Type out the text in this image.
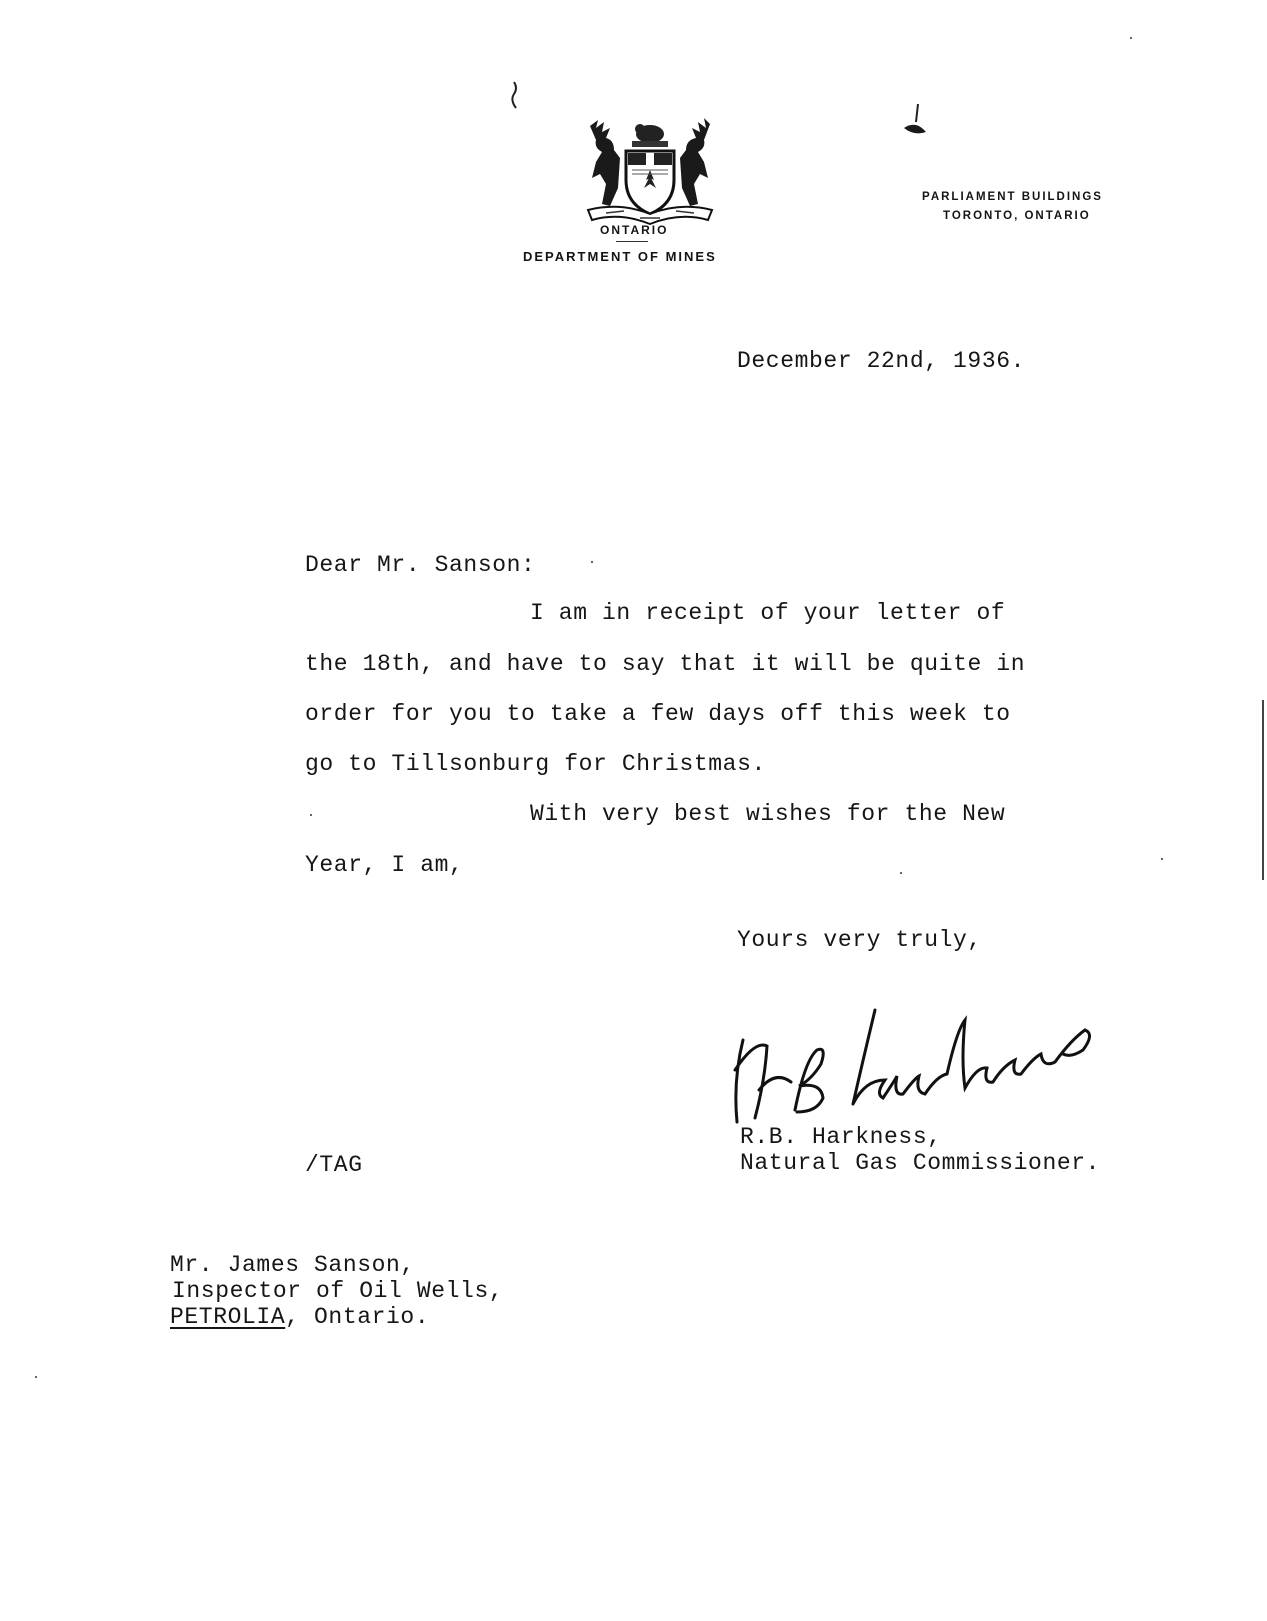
ONTARIO
DEPARTMENT OF MINES
PARLIAMENT BUILDINGS
TORONTO, ONTARIO
December 22nd, 1936.
Dear Mr. Sanson:
I am in receipt of your letter of
the 18th, and have to say that it will be quite in
order for you to take a few days off this week to
go to Tillsonburg for Christmas.
With very best wishes for the New
Year, I am,
Yours very truly,
R.B. Harkness,
Natural Gas Commissioner.
/TAG
Mr. James Sanson,
Inspector of Oil Wells,
PETROLIA, Ontario.
